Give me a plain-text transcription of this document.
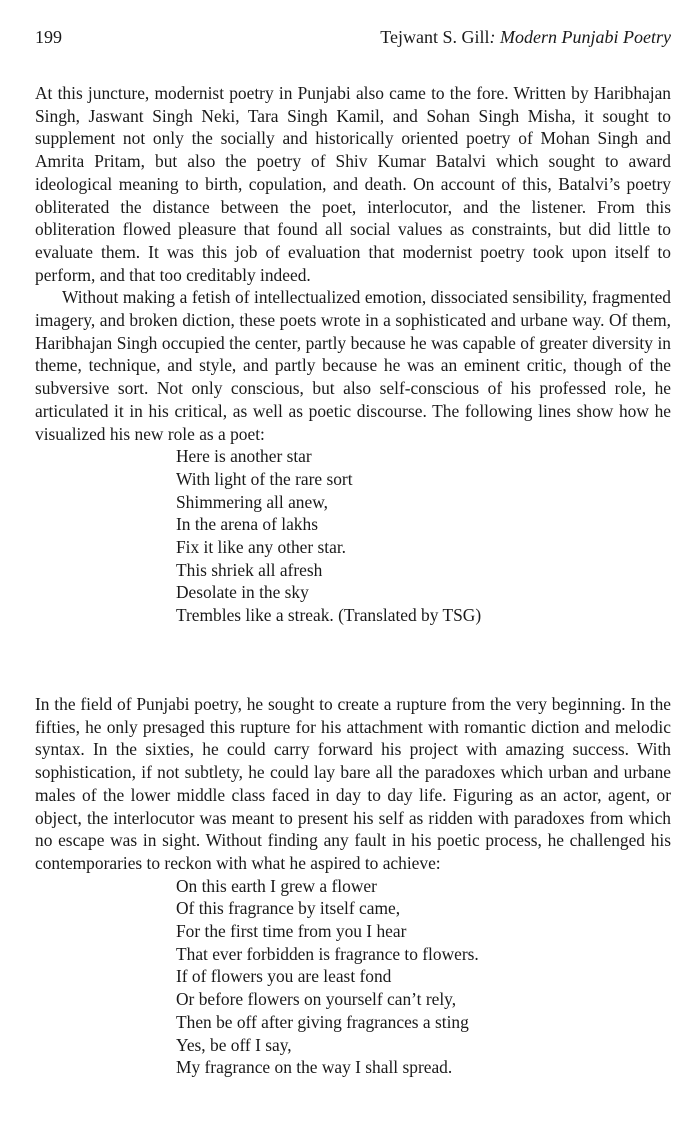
199	Tejwant S. Gill: Modern Punjabi Poetry

At this juncture, modernist poetry in Punjabi also came to the fore. Written by Haribhajan Singh, Jaswant Singh Neki, Tara Singh Kamil, and Sohan Singh Misha, it sought to supplement not only the socially and historically oriented poetry of Mohan Singh and Amrita Pritam, but also the poetry of Shiv Kumar Batalvi which sought to award ideological meaning to birth, copulation, and death. On account of this, Batalvi’s poetry obliterated the distance between the poet, interlocutor, and the listener. From this obliteration flowed pleasure that found all social values as constraints, but did little to evaluate them. It was this job of evaluation that modernist poetry took upon itself to perform, and that too creditably indeed.

Without making a fetish of intellectualized emotion, dissociated sensibility, fragmented imagery, and broken diction, these poets wrote in a sophisticated and urbane way. Of them, Haribhajan Singh occupied the center, partly because he was capable of greater diversity in theme, technique, and style, and partly because he was an eminent critic, though of the subversive sort. Not only conscious, but also self-conscious of his professed role, he articulated it in his critical, as well as poetic discourse. The following lines show how he visualized his new role as a poet:

Here is another star
With light of the rare sort
Shimmering all anew,
In the arena of lakhs
Fix it like any other star.
This shriek all afresh
Desolate in the sky
Trembles like a streak. (Translated by TSG)

In the field of Punjabi poetry, he sought to create a rupture from the very beginning. In the fifties, he only presaged this rupture for his attachment with romantic diction and melodic syntax. In the sixties, he could carry forward his project with amazing success. With sophistication, if not subtlety, he could lay bare all the paradoxes which urban and urbane males of the lower middle class faced in day to day life. Figuring as an actor, agent, or object, the interlocutor was meant to present his self as ridden with paradoxes from which no escape was in sight. Without finding any fault in his poetic process, he challenged his contemporaries to reckon with what he aspired to achieve:

On this earth I grew a flower
Of this fragrance by itself came,
For the first time from you I hear
That ever forbidden is fragrance to flowers.
If of flowers you are least fond
Or before flowers on yourself can’t rely,
Then be off after giving fragrances a sting
Yes, be off I say,
My fragrance on the way I shall spread.
